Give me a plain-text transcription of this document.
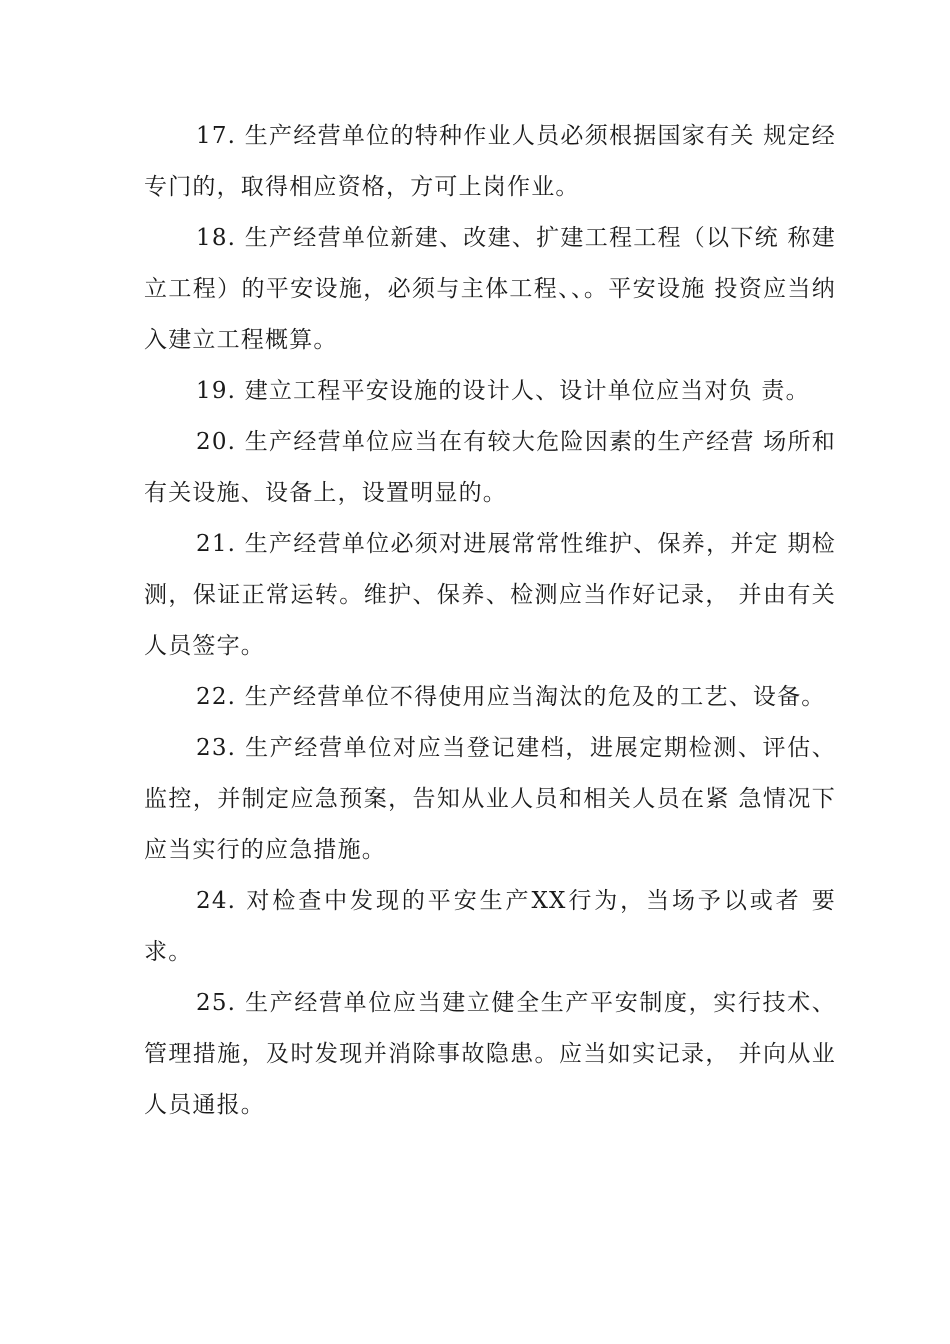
17. 生产经营单位的特种作业人员必须根据国家有关 规定经专门的，取得相应资格，方可上岗作业。

18. 生产经营单位新建、改建、扩建工程工程（以下统 称建立工程）的平安设施，必须与主体工程、、。平安设施 投资应当纳入建立工程概算。

19. 建立工程平安设施的设计人、设计单位应当对负 责。

20. 生产经营单位应当在有较大危险因素的生产经营 场所和有关设施、设备上，设置明显的。

21. 生产经营单位必须对进展常常性维护、保养，并定 期检测，保证正常运转。维护、保养、检测应当作好记录， 并由有关人员签字。

22. 生产经营单位不得使用应当淘汰的危及的工艺、设备。

23. 生产经营单位对应当登记建档，进展定期检测、评估、监控，并制定应急预案，告知从业人员和相关人员在紧 急情况下应当实行的应急措施。

24. 对检查中发现的平安生产XX行为，当场予以或者 要求。

25. 生产经营单位应当建立健全生产平安制度，实行技术、管理措施，及时发现并消除事故隐患。应当如实记录， 并向从业人员通报。
